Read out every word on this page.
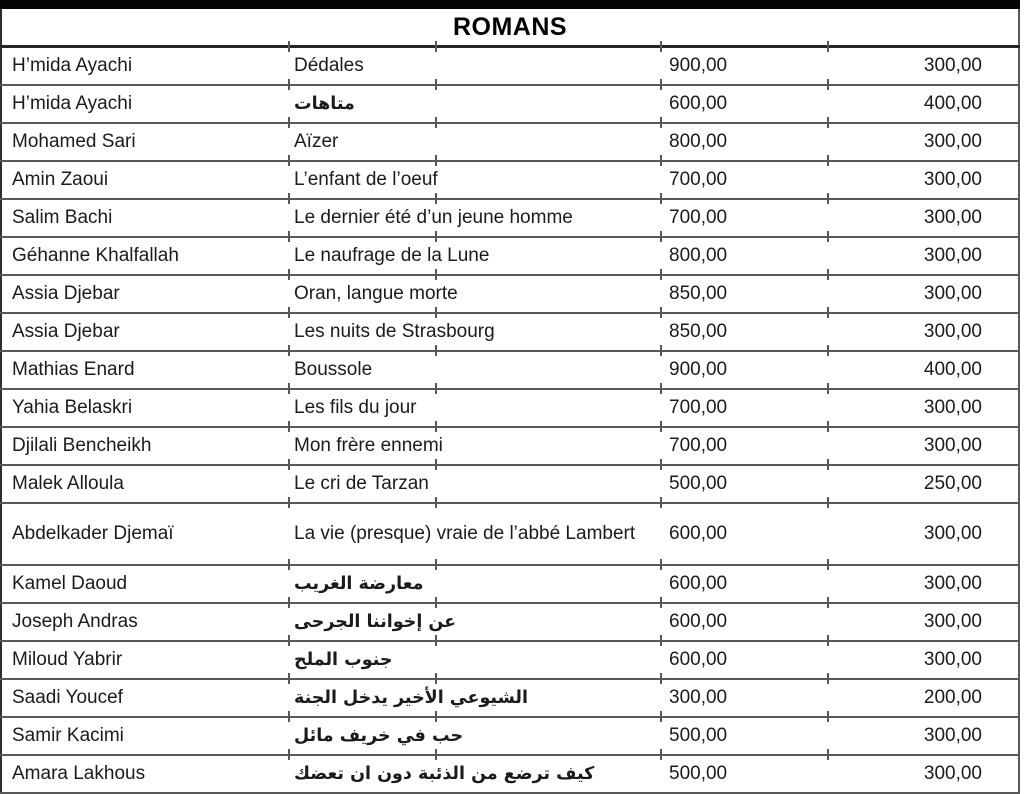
ROMANS			
H’mida Ayachi	Dédales	900,00	300,00
H’mida Ayachi	متاهات	600,00	400,00
Mohamed Sari	Aïzer	800,00	300,00
Amin Zaoui	L’enfant de l’oeuf	700,00	300,00
Salim Bachi	Le dernier été d’un jeune homme	700,00	300,00
Géhanne Khalfallah	Le naufrage de la Lune	800,00	300,00
Assia Djebar	Oran, langue morte	850,00	300,00
Assia Djebar	Les nuits de Strasbourg	850,00	300,00
Mathias Enard	Boussole	900,00	400,00
Yahia Belaskri	Les fils du jour	700,00	300,00
Djilali Bencheikh	Mon frère ennemi	700,00	300,00
Malek Alloula	Le cri de Tarzan	500,00	250,00
Abdelkader Djemaï	La vie (presque) vraie de l’abbé Lambert	600,00	300,00
Kamel Daoud	معارضة الغريب	600,00	300,00
Joseph Andras	عن إخواننا الجرحى	600,00	300,00
Miloud Yabrir	جنوب الملح	600,00	300,00
Saadi Youcef	الشيوعي الأخير يدخل الجنة	300,00	200,00
Samir Kacimi	حب في خريف مائل	500,00	300,00
Amara Lakhous	كيف ترضع من الذئبة دون ان تعضك	500,00	300,00
